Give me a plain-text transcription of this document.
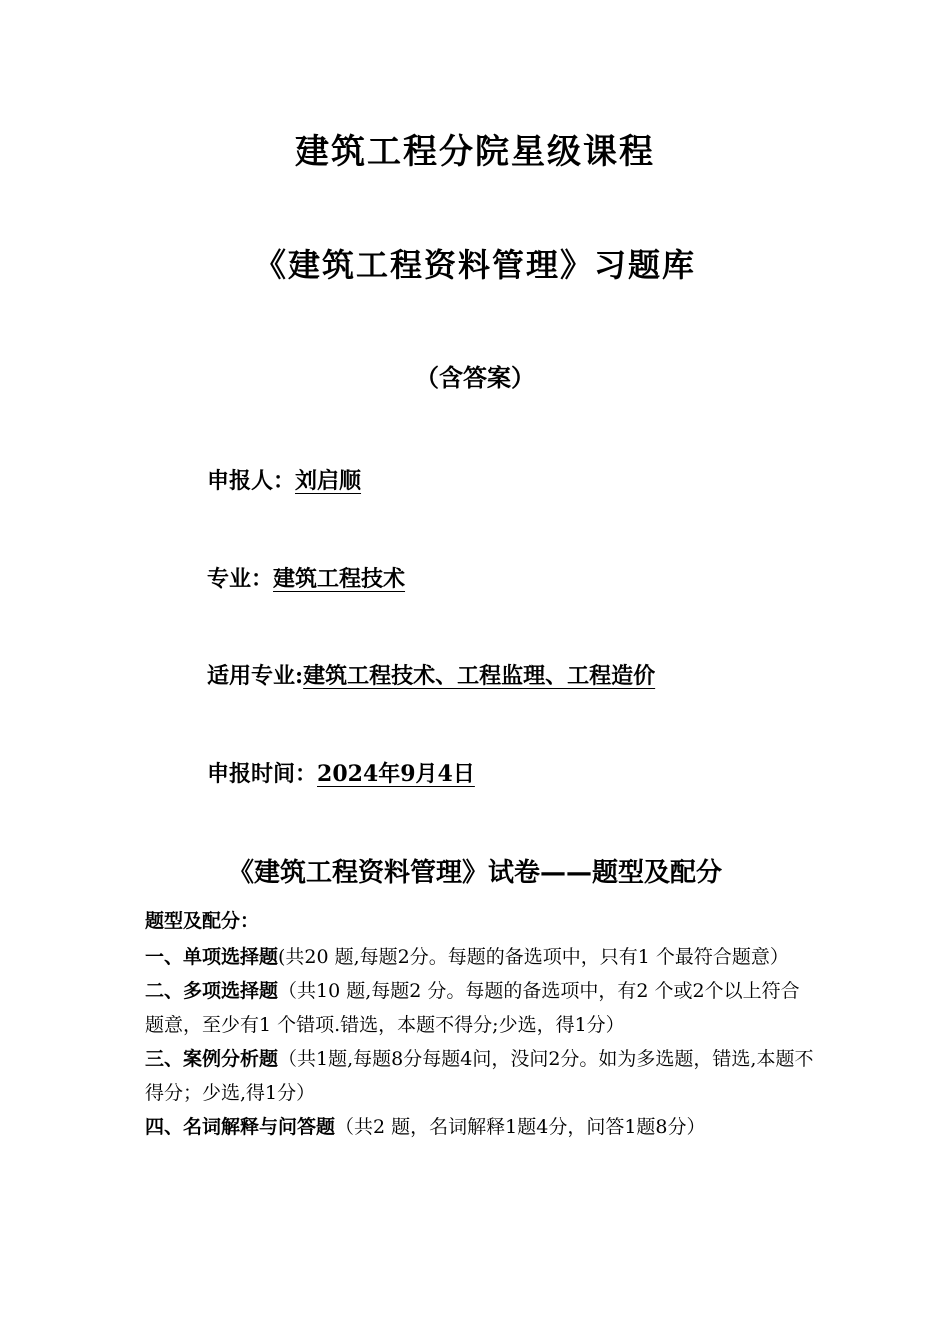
建筑工程分院星级课程
《建筑工程资料管理》习题库
（含答案）
申报人：刘启顺
专业：建筑工程技术
适用专业:建筑工程技术、工程监理、工程造价
申报时间：2024年9月4日
《建筑工程资料管理》试卷——题型及配分
题型及配分：

一、单项选择题(共20 题,每题2分。每题的备选项中，只有1 个最符合题意）

二、多项选择题（共10 题,每题2 分。每题的备选项中，有2 个或2个以上符合题意，至少有1 个错项.错选，本题不得分;少选，得1分）

三、案例分析题（共1题,每题8分每题4问，没问2分。如为多选题，错选,本题不得分；少选,得1分）

四、名词解释与问答题（共2 题，名词解释1题4分，问答1题8分）
